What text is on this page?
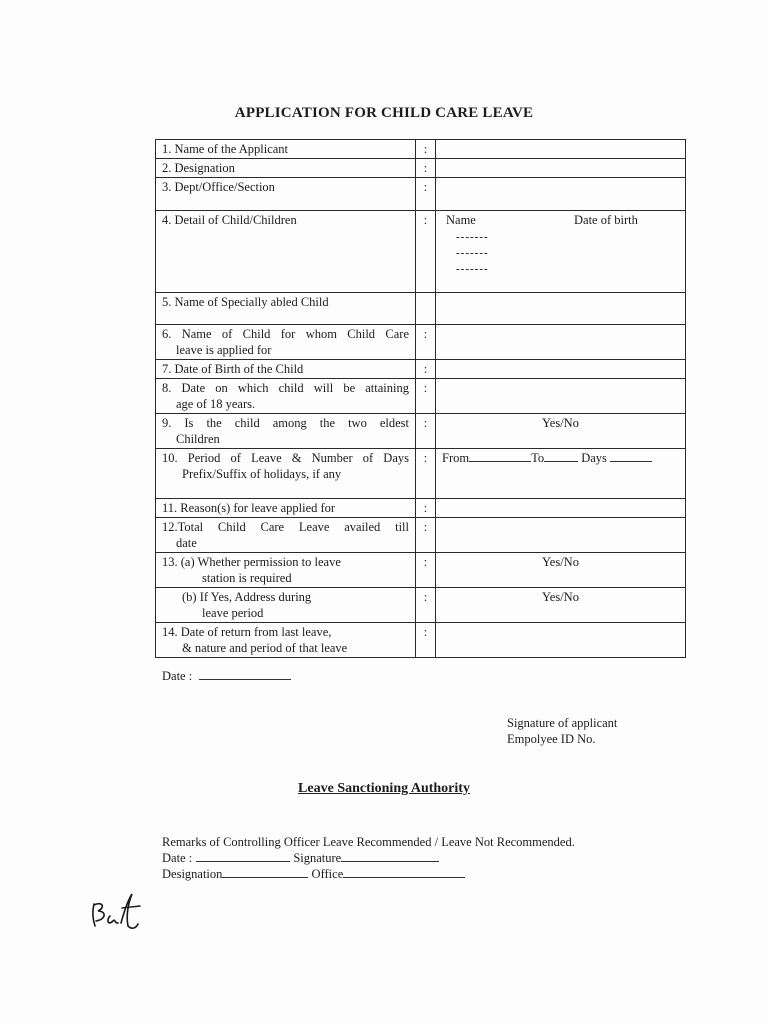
APPLICATION FOR CHILD CARE LEAVE
1. Name of the Applicant	:	
2. Designation	:	
3. Dept/Office/Section	:	
4. Detail of Child/Children	:	Name Date of birth
-------
-------
-------

5. Name of Specially abled Child		

6. Name of Child for whom Child Care
leave is applied for	:	
7. Date of Birth of the Child	:	

8. Date on which child will be attaining
age of 18 years.	:	

9. Is the child among the two eldest
Children	:	Yes/No

10. Period of Leave & Number of Days
Prefix/Suffix of holidays, if any	:	From To Days
11. Reason(s) for leave applied for	:	

12.Total Child Care Leave availed till
date	:	

13. (a) Whether permission to leave
station is required	:	Yes/No

(b) If Yes, Address during
leave period	:	Yes/No

14. Date of return from last leave,
& nature and period of that leave	:	
Date :
Signature of applicant
Empolyee ID No.
Leave Sanctioning Authority
Remarks of Controlling Officer Leave Recommended / Leave Not Recommended.
Date :	Signature
Designation	Office
